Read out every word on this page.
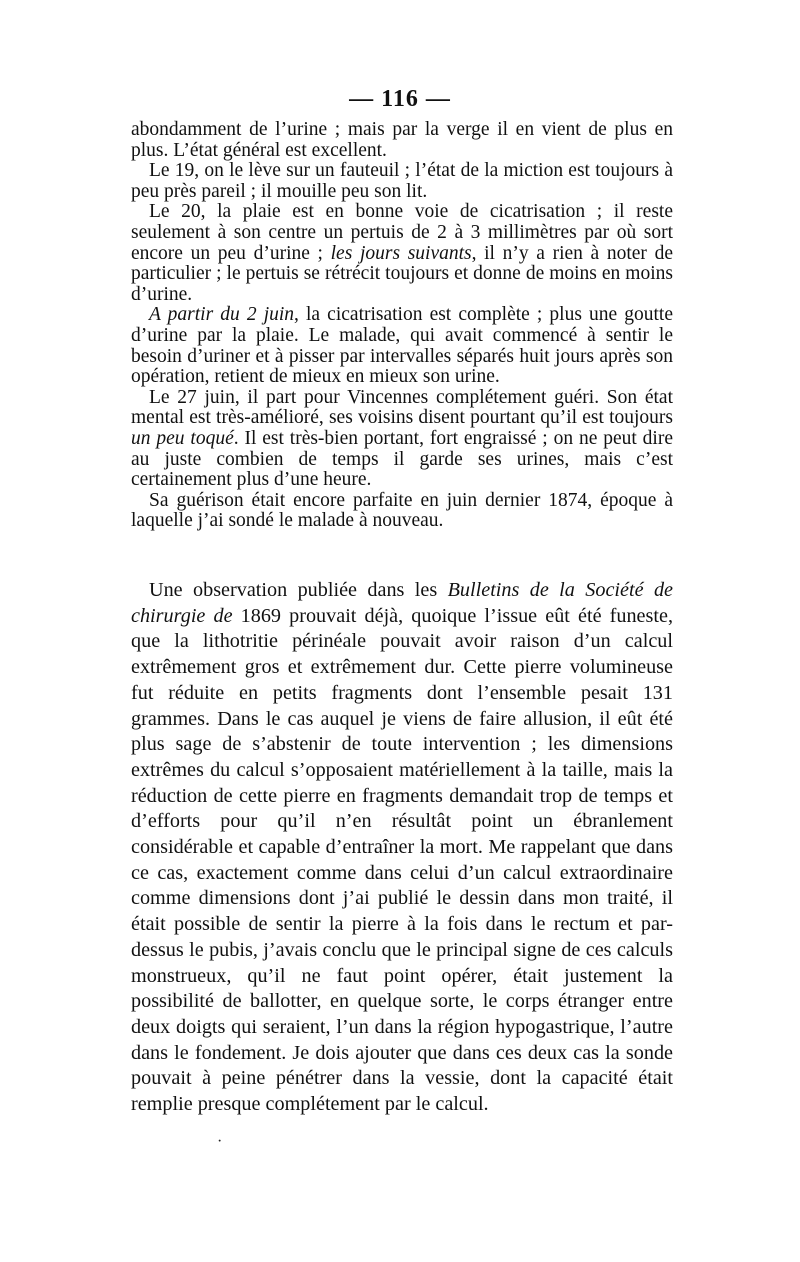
— 116 —

abondamment de l’urine ; mais par la verge il en vient de plus en plus. L’état général est excellent.

Le 19, on le lève sur un fauteuil ; l’état de la miction est toujours à peu près pareil ; il mouille peu son lit.

Le 20, la plaie est en bonne voie de cicatrisation ; il reste seulement à son centre un pertuis de 2 à 3 millimètres par où sort encore un peu d’urine ; les jours suivants, il n’y a rien à noter de particulier ; le pertuis se rétrécit toujours et donne de moins en moins d’urine.

A partir du 2 juin, la cicatrisation est complète ; plus une goutte d’urine par la plaie. Le malade, qui avait commencé à sentir le besoin d’uriner et à pisser par intervalles séparés huit jours après son opération, retient de mieux en mieux son urine.

Le 27 juin, il part pour Vincennes complétement guéri. Son état mental est très-amélioré, ses voisins disent pourtant qu’il est toujours un peu toqué. Il est très-bien portant, fort engraissé ; on ne peut dire au juste combien de temps il garde ses urines, mais c’est certainement plus d’une heure.

Sa guérison était encore parfaite en juin dernier 1874, époque à laquelle j’ai sondé le malade à nouveau.

Une observation publiée dans les Bulletins de la Société de chirurgie de 1869 prouvait déjà, quoique l’issue eût été funeste, que la lithotritie périnéale pouvait avoir raison d’un calcul extrêmement gros et extrêmement dur. Cette pierre volumineuse fut réduite en petits fragments dont l’ensemble pesait 131 grammes. Dans le cas auquel je viens de faire allusion, il eût été plus sage de s’abstenir de toute intervention ; les dimensions extrêmes du calcul s’opposaient matériellement à la taille, mais la réduction de cette pierre en fragments demandait trop de temps et d’efforts pour qu’il n’en résultât point un ébranlement considérable et capable d’entraîner la mort. Me rappelant que dans ce cas, exactement comme dans celui d’un calcul extraordinaire comme dimensions dont j’ai publié le dessin dans mon traité, il était possible de sentir la pierre à la fois dans le rectum et par-dessus le pubis, j’avais conclu que le principal signe de ces calculs monstrueux, qu’il ne faut point opérer, était justement la possibilité de ballotter, en quelque sorte, le corps étranger entre deux doigts qui seraient, l’un dans la région hypogastrique, l’autre dans le fondement. Je dois ajouter que dans ces deux cas la sonde pouvait à peine pénétrer dans la vessie, dont la capacité était remplie presque complétement par le calcul.

·
